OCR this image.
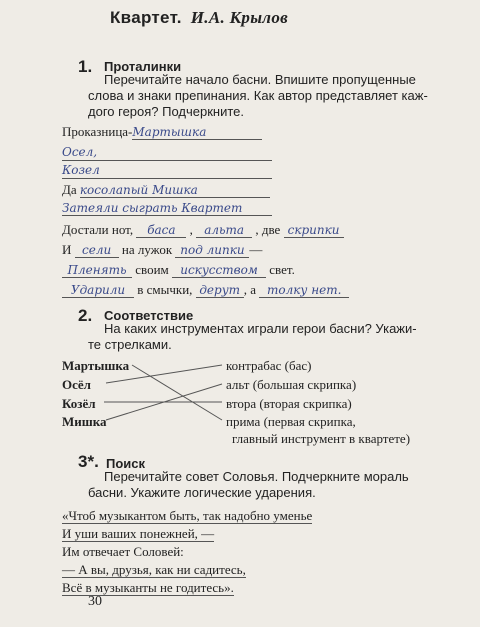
Квартет. И.А. Крылов
1. Проталинки
Перечитайте начало басни. Впишите пропущенные
слова и знаки препинания. Как автор представляет каж-
дого героя? Подчеркните.
Проказница-Мартышка
Осел,
Козел
Да косолапый Мишка
Затеяли сыграть Квартет
Достали нот, баса , альта , две скрипки
И сели на лужок под липки —
Пленять своим искусством свет.
Ударили в смычки, дерут , а толку нет.
2. Соответствие
На каких инструментах играли герои басни? Укажи-
те стрелками.
Мартышка
Осёл
Козёл
Мишка
контрабас (бас)
альт (большая скрипка)
втора (вторая скрипка)
прима (первая скрипка,
главный инструмент в квартете)
3*. Поиск
Перечитайте совет Соловья. Подчеркните мораль
басни. Укажите логические ударения.
«Чтоб музыкантом быть, так надобно уменье
И уши ваших понежней, —
Им отвечает Соловей:
— А вы, друзья, как ни садитесь,
Всё в музыканты не годитесь».
30
